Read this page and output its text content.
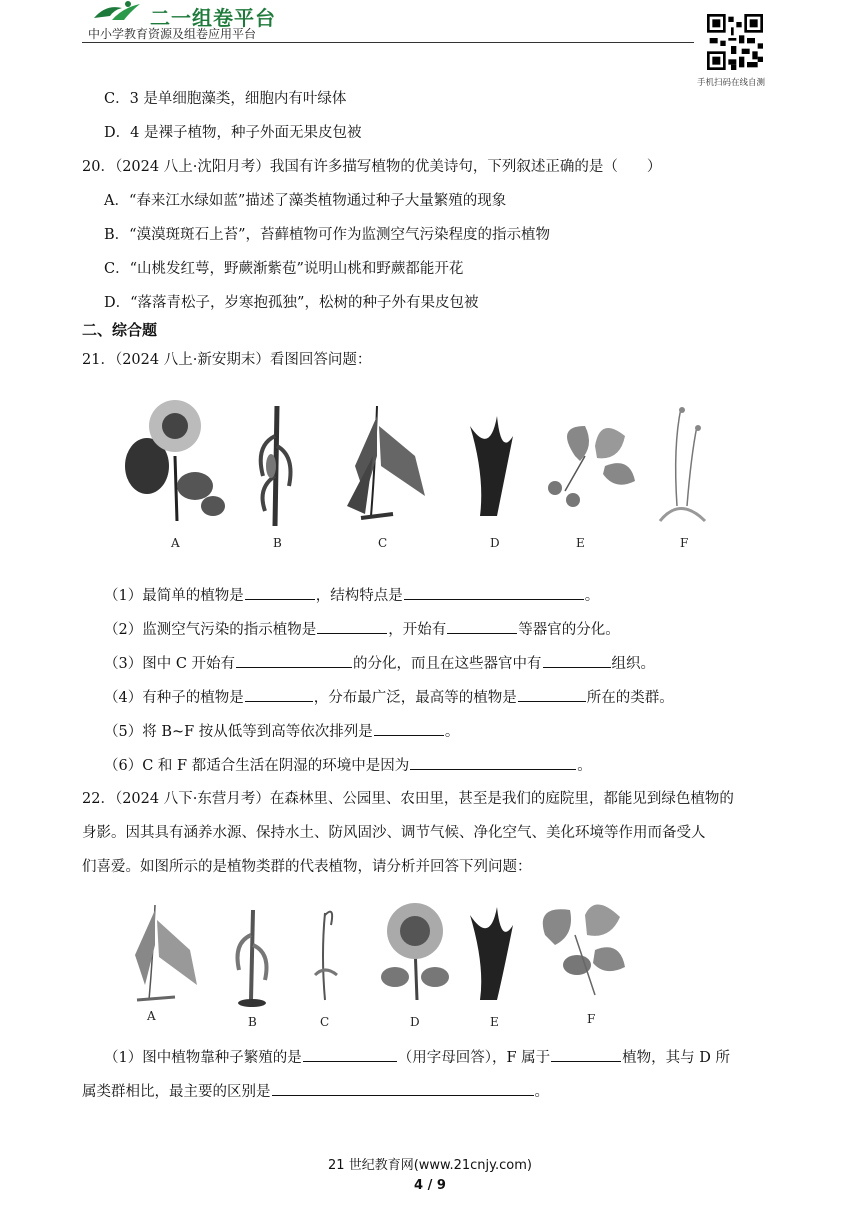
二一组卷平台
中小学教育资源及组卷应用平台
手机扫码在线自测
C．3 是单细胞藻类，细胞内有叶绿体
D．4 是裸子植物，种子外面无果皮包被
20．（2024 八上·沈阳月考）我国有许多描写植物的优美诗句，下列叙述正确的是（　　）
A．“春来江水绿如蓝”描述了藻类植物通过种子大量繁殖的现象
B．“漠漠斑斑石上苔”，苔藓植物可作为监测空气污染程度的指示植物
C．“山桃发红萼，野蕨渐紫苞”说明山桃和野蕨都能开花
D．“落落青松子，岁寒抱孤独”，松树的种子外有果皮包被
二、综合题
21．（2024 八上·新安期末）看图回答问题：
A	B	C	D	E	F
（1）最简单的植物是	，结构特点是	。
（2）监测空气污染的指示植物是	，开始有	等器官的分化。
（3）图中 C 开始有	的分化，而且在这些器官中有	组织。
（4）有种子的植物是	，分布最广泛，最高等的植物是	所在的类群。
（5）将 B~F 按从低等到高等依次排列是	。
（6）C 和 F 都适合生活在阴湿的环境中是因为	。
22．（2024 八下·东营月考）在森林里、公园里、农田里，甚至是我们的庭院里，都能见到绿色植物的
身影。因其具有涵养水源、保持水土、防风固沙、调节气候、净化空气、美化环境等作用而备受人
们喜爱。如图所示的是植物类群的代表植物，请分析并回答下列问题：
A	B	C	D	E	F
（1）图中植物靠种子繁殖的是	（用字母回答），F 属于	植物，其与 D 所
属类群相比，最主要的区别是	。
21 世纪教育网(www.21cnjy.com)
4 / 9
